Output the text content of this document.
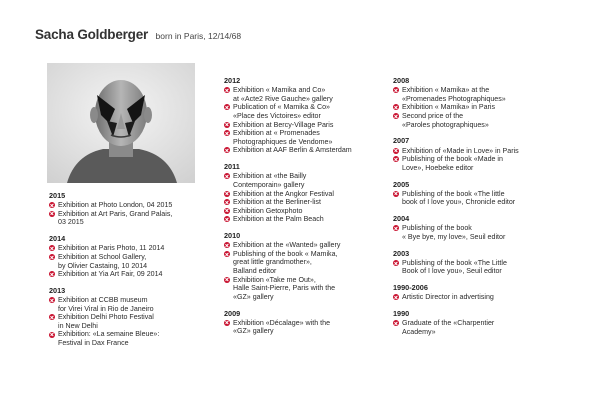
Sacha Goldberger born in Paris, 12/14/68
2015
Exhibition at Photo London, 04 2015
Exhibition at Art Paris, Grand Palais,
03 2015
2014
Exhibition at Paris Photo, 11 2014
Exhibition at School Gallery,
by Olivier Castaing, 10 2014
Exhibition at Yia Art Fair, 09 2014
2013
Exhibition at CCBB museum
for Virei Viral in Rio de Janeiro
Exhibition Delhi Photo Festival
in New Delhi
Exhibition: «La semaine Bleue»:
Festival in Dax France
2012
Exhibition « Mamika and Co»
at «Acte2 Rive Gauche» gallery
Publication of « Mamika & Co»
«Place des Victoires» editor
Exhibition at Bercy-Village Paris
Exhibition at « Promenades
Photographiques de Vendome»
Exhibition at AAF Berlin & Amsterdam
2011
Exhibition at «the Bailly
Contemporain» gallery
Exhibition at the Angkor Festival
Exhibition at the Berliner-list
Exhibition Getoxphoto
Exhibition at the Palm Beach
2010
Exhibition at the «Wanted» gallery
Publishing of the book « Mamika,
great little grandmother»,
Balland editor
Exhibition «Take me Out»,
Halle Saint-Pierre, Paris with the
«GZ» gallery
2009
Exhibition «Décalage» with the
«GZ» gallery
2008
Exhibition « Mamika» at the
«Promenades Photographiques»
Exhibition « Mamika» in Paris
Second price of the
«Paroles photographiques»
2007
Exhibition of «Made in Love» in Paris
Publishing of the book «Made in
Love», Hoebeke editor
2005
Publishing of the book «The little
book of I love you», Chronicle editor
2004
Publishing of the book
« Bye bye, my love», Seuil editor
2003
Publishing of the book «The Little
Book of I love you», Seuil editor
1990-2006
Artistic Director in advertising
1990
Graduate of the «Charpentier
Academy»
